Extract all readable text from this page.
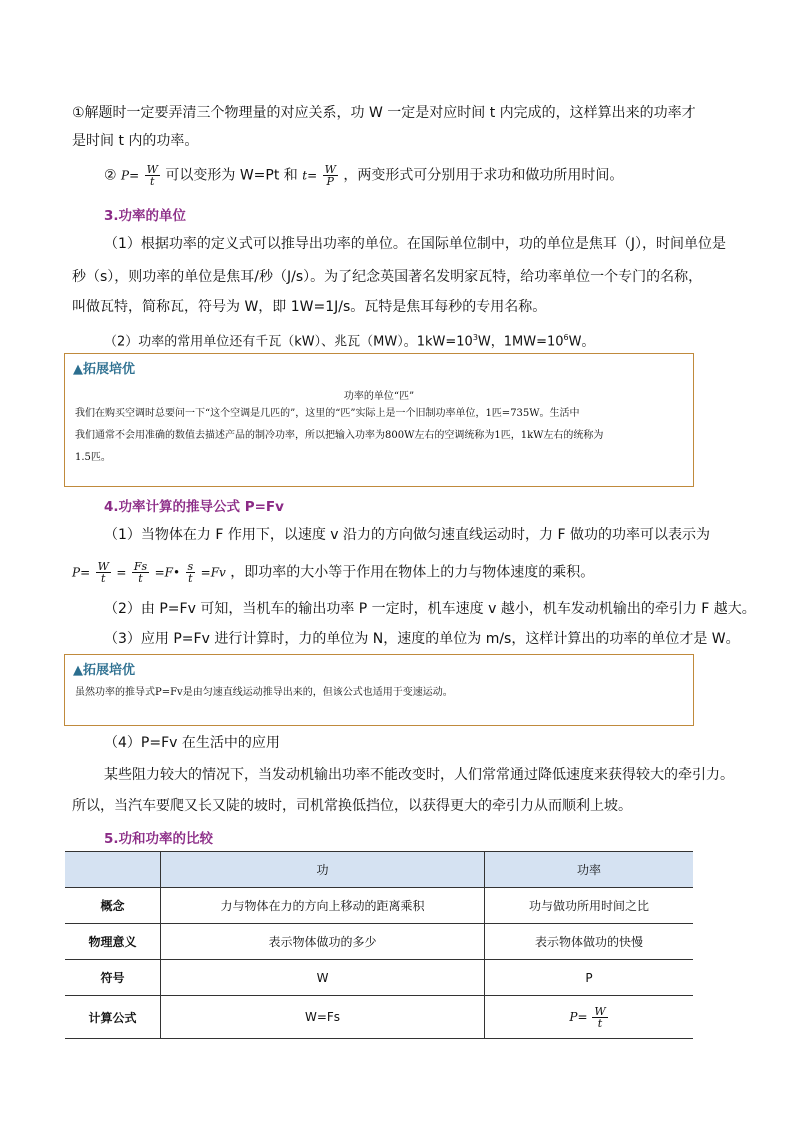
①解题时一定要弄清三个物理量的对应关系，功 W 一定是对应时间 t 内完成的，这样算出来的功率才
是时间 t 内的功率。
② $P= \frac{W}{t}$ 可以变形为 W=Pt 和 $t= \frac{W}{P}$ ，两变形式可分别用于求功和做功所用时间。
3.功率的单位
（1）根据功率的定义式可以推导出功率的单位。在国际单位制中，功的单位是焦耳（J），时间单位是
秒（s），则功率的单位是焦耳/秒（J/s）。为了纪念英国著名发明家瓦特，给功率单位一个专门的名称，
叫做瓦特，简称瓦，符号为 W，即 1W=1J/s。瓦特是焦耳每秒的专用名称。
（2）功率的常用单位还有千瓦（kW）、兆瓦（MW）。$1kW=10^3W$，$1MW=10^6W$。
▲拓展培优
功率的单位“匹”
我们在购买空调时总要问一下“这个空调是几匹的”，这里的“匹”实际上是一个旧制功率单位，1匹=735W。生活中
我们通常不会用准确的数值去描述产品的制冷功率，所以把输入功率为800W左右的空调统称为1匹，1kW左右的统称为
1.5匹。
4.功率计算的推导公式 P=Fv
（1）当物体在力 F 作用下，以速度 v 沿力的方向做匀速直线运动时，力 F 做功的功率可以表示为
$P= \frac{W}{t} = \frac{Fs}{t}$ =F• $\frac{s}{t} =Fv$ ，即功率的大小等于作用在物体上的力与物体速度的乘积。
（2）由 P=Fv 可知，当机车的输出功率 P 一定时，机车速度 v 越小，机车发动机输出的牵引力 F 越大。
（3）应用 P=Fv 进行计算时，力的单位为 N，速度的单位为 m/s，这样计算出的功率的单位才是 W。
▲拓展培优
虽然功率的推导式P=Fv是由匀速直线运动推导出来的，但该公式也适用于变速运动。
（4）P=Fv 在生活中的应用
某些阻力较大的情况下，当发动机输出功率不能改变时，人们常常通过降低速度来获得较大的牵引力。
所以，当汽车要爬又长又陡的坡时，司机常换低挡位，以获得更大的牵引力从而顺利上坡。
5.功和功率的比较
	功	功率
概念	力与物体在力的方向上移动的距离乘积	功与做功所用时间之比
物理意义	表示物体做功的多少	表示物体做功的快慢
符号	W	P
计算公式	W=Fs	$P= \frac{W}{t}$
